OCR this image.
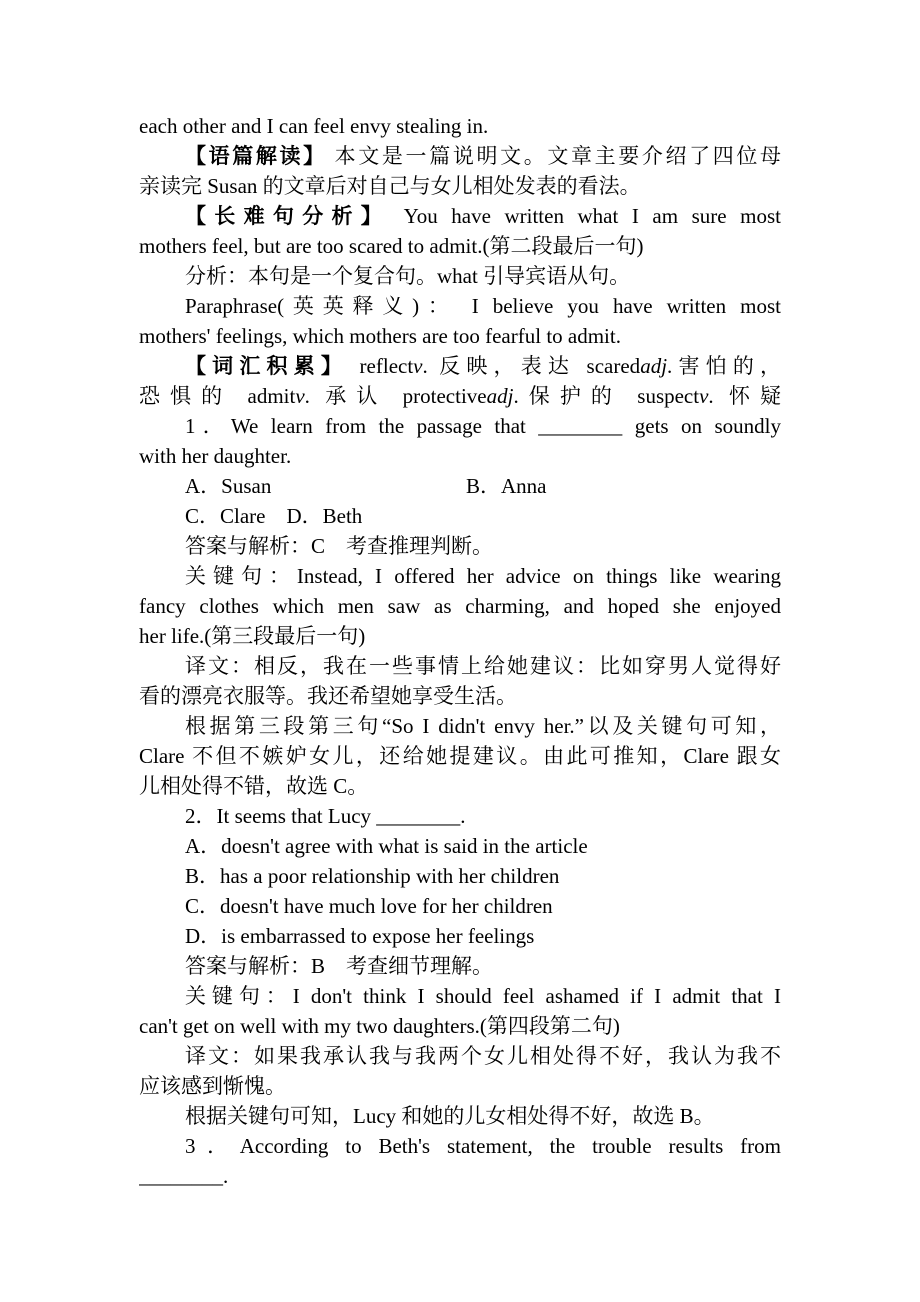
each other and I can feel envy stealing in.
【语篇解读】 本文是一篇说明文。文章主要介绍了四位母
亲读完 Susan 的文章后对自己与女儿相处发表的看法。
【长难句分析】 You have written what I am sure most
mothers feel, but are too scared to admit.(第二段最后一句)
分析：本句是一个复合句。what 引导宾语从句。
Paraphrase(英英释义)： I believe you have written most
mothers' feelings, which mothers are too fearful to admit.
【词汇积累】 reflectv. 反映，表达 scaredadj.害怕的，
恐惧的 admitv. 承认 protectiveadj.保护的 suspectv. 怀疑
1．We learn from the passage that ________ gets on soundly
with her daughter.
A．Susan	B．Anna
C．Clare　 D．Beth
答案与解析：C　考查推理判断。
关键句：Instead, I offered her advice on things like wearing
fancy clothes which men saw as charming, and hoped she enjoyed
her life.(第三段最后一句)
译文：相反，我在一些事情上给她建议：比如穿男人觉得好
看的漂亮衣服等。我还希望她享受生活。
根据第三段第三句“So I didn't envy her.”以及关键句可知，
Clare 不但不嫉妒女儿，还给她提建议。由此可推知，Clare 跟女
儿相处得不错，故选 C。
2．It seems that Lucy ________.
A．doesn't agree with what is said in the article
B．has a poor relationship with her children
C．doesn't have much love for her children
D．is embarrassed to expose her feelings
答案与解析：B　考查细节理解。
关键句：I don't think I should feel ashamed if I admit that I
can't get on well with my two daughters.(第四段第二句)
译文：如果我承认我与我两个女儿相处得不好，我认为我不
应该感到惭愧。
根据关键句可知，Lucy 和她的儿女相处得不好，故选 B。
3．According to Beth's statement, the trouble results from
________.
